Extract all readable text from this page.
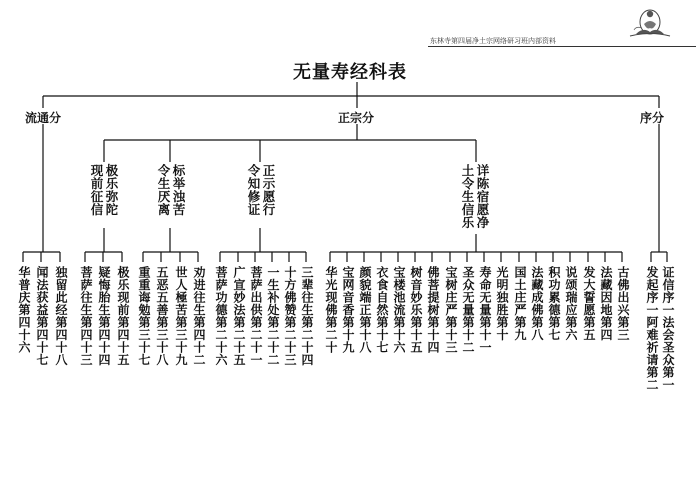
东林寺第四届净土宗网络研习班内部资料
无量寿经科表
流通分	正宗分	序分
极乐弥陀
现前征信	标举浊苦
令生厌离	正示愿行
令知修证	详陈宿愿净
土令生信乐
独留此经第四十八
闻法获益第四十七
华普庆第四十六	极乐现前第四十五
疑悔胎生第四十四
菩萨往生第四十三	劝进往生第四十二
世人極苦第三十九
五恶五善第三十八
重重诲勉第三十七	三辈往生第二十四
十方佛赞第二十三
一生补处第二十二
菩萨出供第二十一
广宣妙法第二十五
菩萨功德第二十六	华光现佛第二十 宝网音香第十九 颜貌端正第十八 衣食自然第十七 宝楼池流第十六 树音妙乐第十五 佛菩提树第十四 宝树庄严第十三 圣众无量第十二 寿命无量第十一 光明独胜第十 国土庄严第九 法藏成佛第八 积功累德第七 说颂瑞应第六 发大誓愿第五 法藏因地第四 古佛出兴第三 发起序一阿难祈请第二 证信序一法会圣众第一
